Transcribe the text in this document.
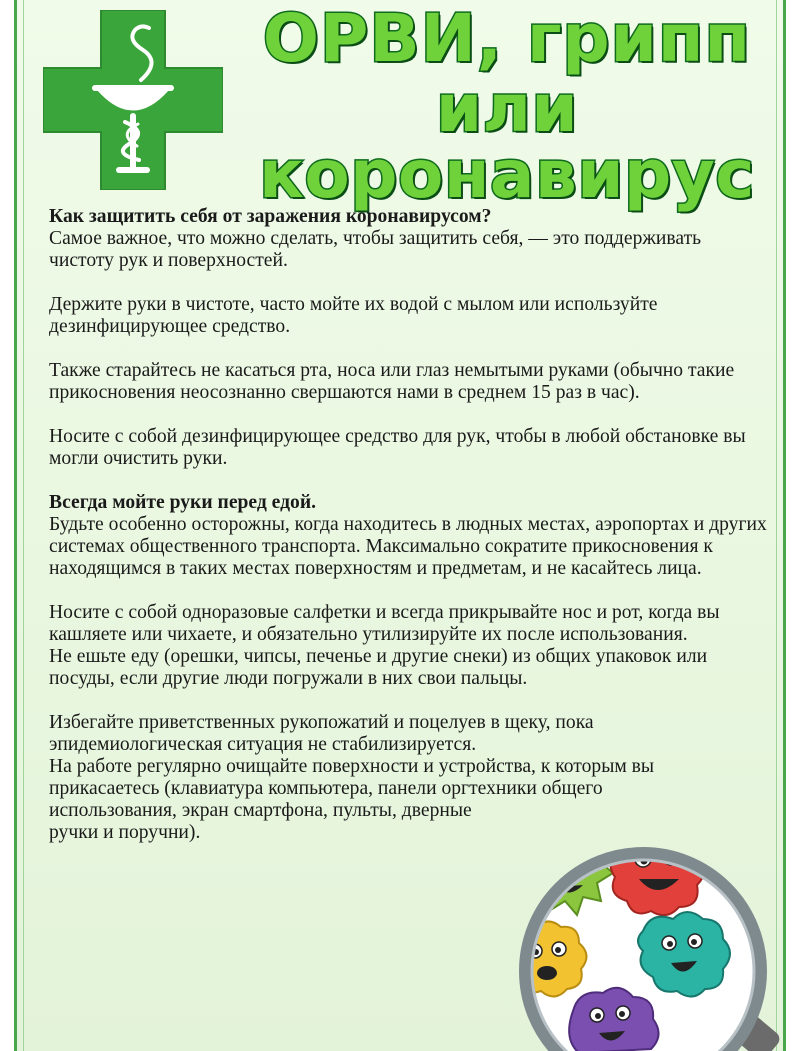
ОРВИ, грипп
или коронавирус

Как защитить себя от заражения коронавирусом?

Самое важное, что можно сделать, чтобы защитить себя, — это поддерживать чистоту рук и поверхностей.

Держите руки в чистоте, часто мойте их водой с мылом или используйте дезинфицирующее средство.

Также старайтесь не касаться рта, носа или глаз немытыми руками (обычно такие прикосновения неосознанно свершаются нами в среднем 15 раз в час).

Носите с собой дезинфицирующее средство для рук, чтобы в любой обстановке вы могли очистить руки.

Всегда мойте руки перед едой.

Будьте особенно осторожны, когда находитесь в людных местах, аэропортах и других системах общественного транспорта. Максимально сократите прикосновения к находящимся в таких местах поверхностям и предметам, и не касайтесь лица.

Носите с собой одноразовые салфетки и всегда прикрывайте нос и рот, когда вы кашляете или чихаете, и обязательно утилизируйте их после использования.

Не ешьте еду (орешки, чипсы, печенье и другие снеки) из общих упаковок или посуды, если другие люди погружали в них свои пальцы.

Избегайте приветственных рукопожатий и поцелуев в щеку, пока эпидемиологическая ситуация не стабилизируется.

На работе регулярно очищайте поверхности и устройства, к которым вы прикасаетесь (клавиатура компьютера, панели оргтехники общего

использования, экран смартфона, пульты, дверные ручки и поручни).
